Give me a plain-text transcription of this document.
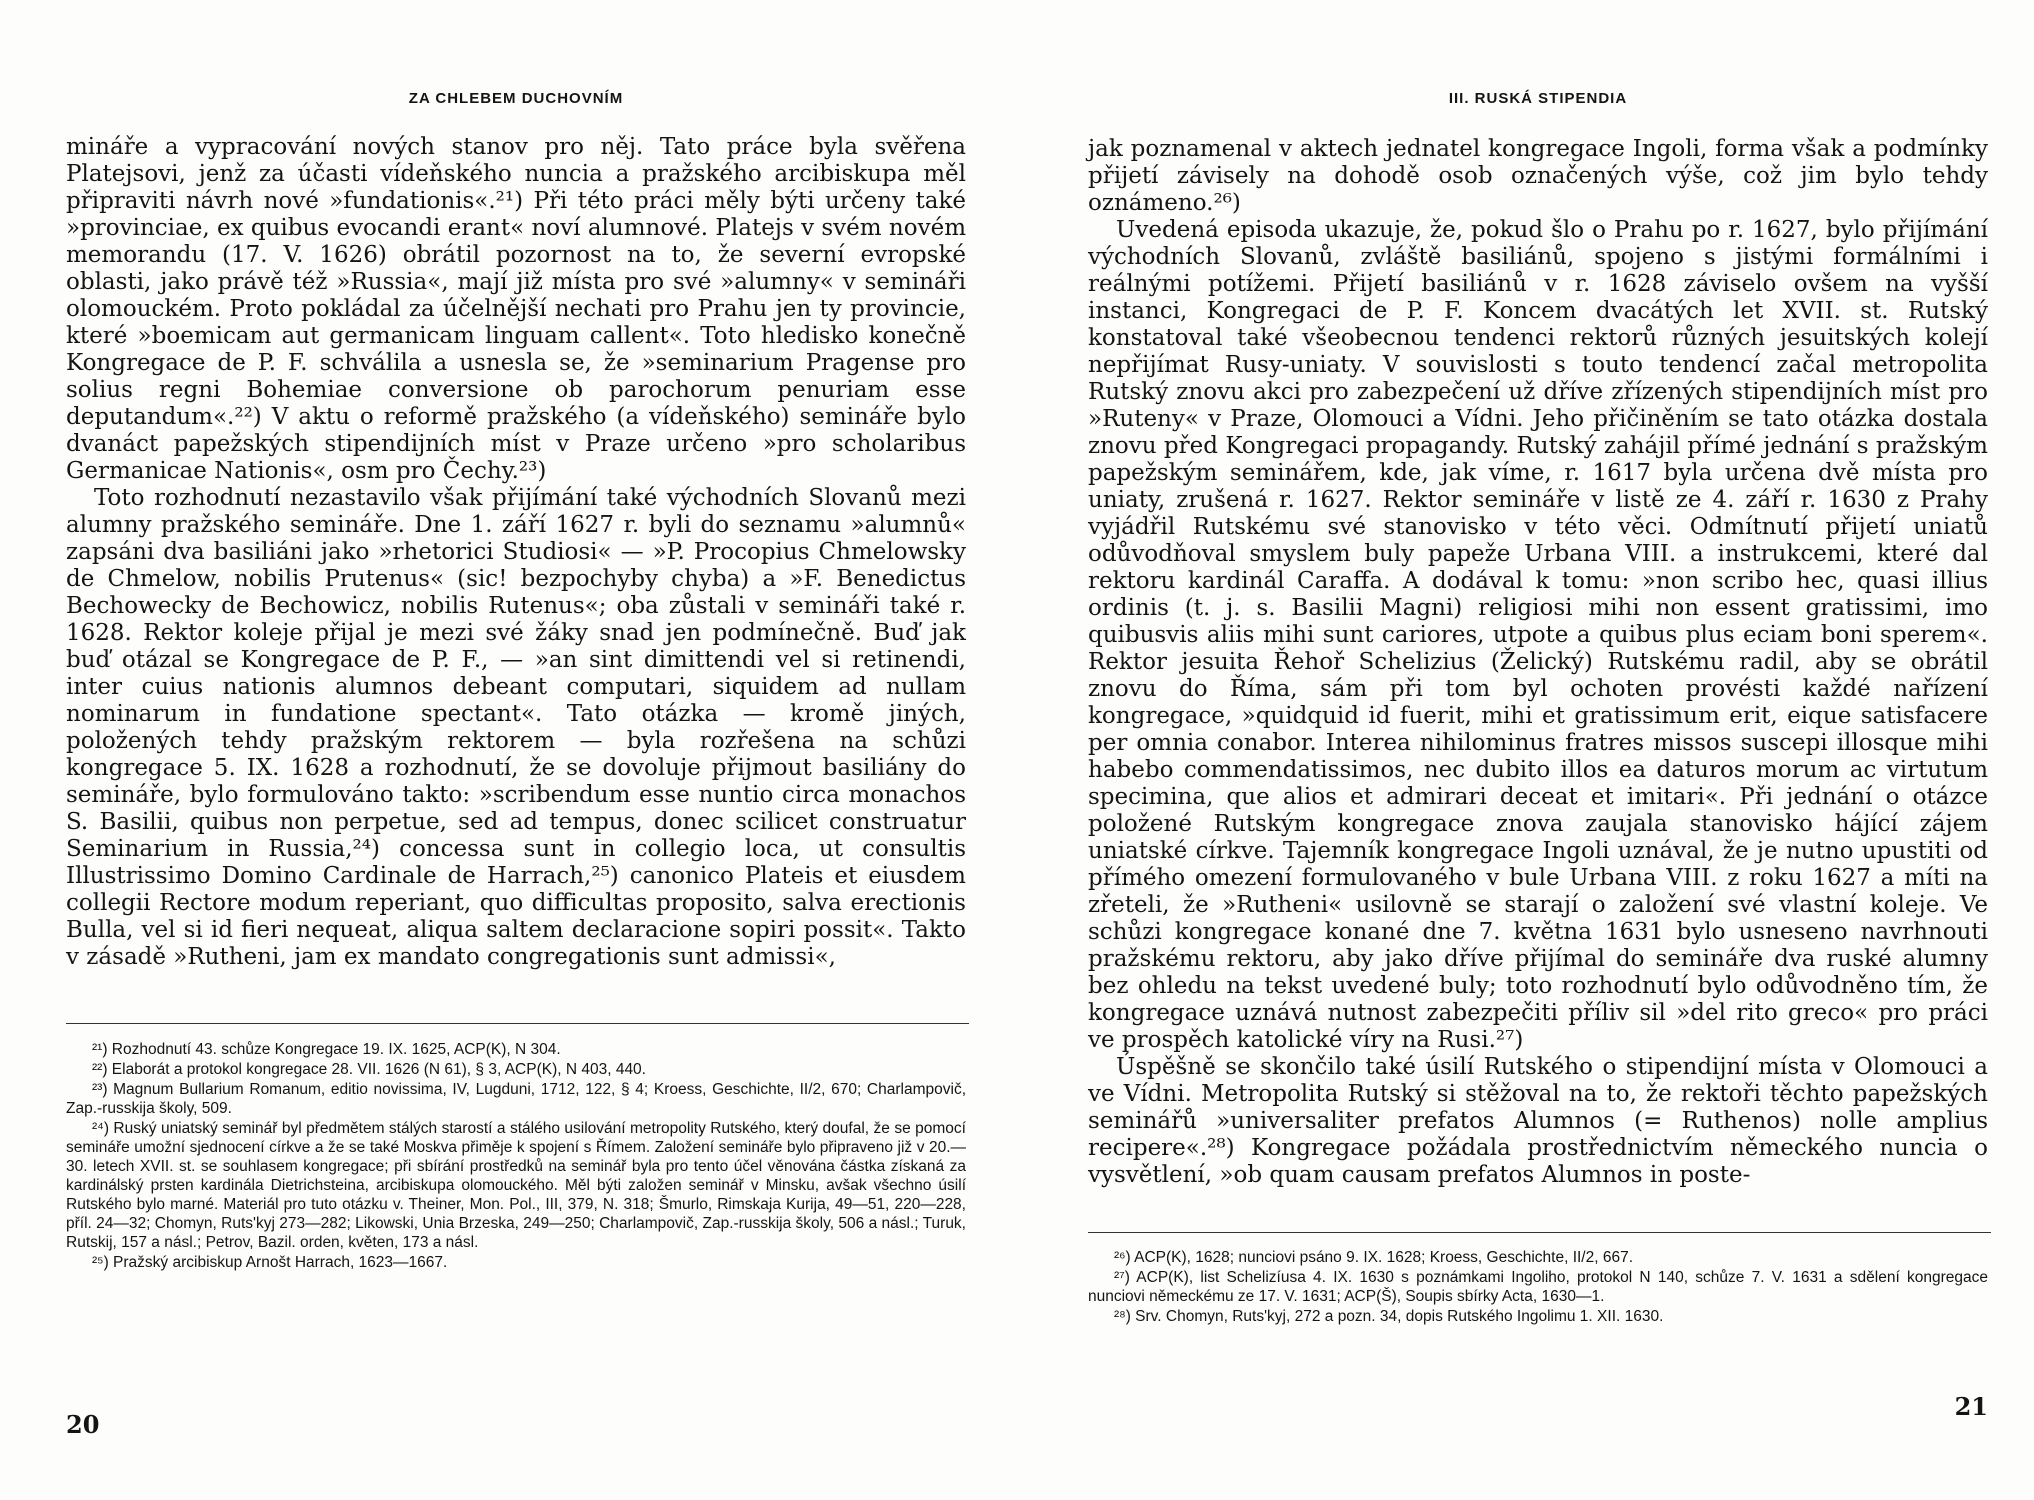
ZA CHLEBEM DUCHOVNÍM

mináře a vypracování nových stanov pro něj. Tato práce byla svěřena Platejsovi, jenž za účasti vídeňského nuncia a pražského arcibiskupa měl připraviti návrh nové »fundationis«.²¹) Při této práci měly býti určeny také »provinciae, ex quibus evocandi erant« noví alumnové. Platejs v svém novém memorandu (17. V. 1626) obrátil pozornost na to, že severní evropské oblasti, jako právě též »Russia«, mají již místa pro své »alumny« v semináři olomouckém. Proto pokládal za účelnější nechati pro Prahu jen ty provincie, které »boemicam aut germanicam linguam callent«. Toto hledisko konečně Kongregace de P. F. schválila a usnesla se, že »seminarium Pragense pro solius regni Bohemiae conversione ob parochorum penuriam esse deputandum«.²²) V aktu o reformě pražského (a vídeňského) semináře bylo dvanáct papežských stipendijních míst v Praze určeno »pro scholaribus Germanicae Nationis«, osm pro Čechy.²³)

Toto rozhodnutí nezastavilo však přijímání také východních Slovanů mezi alumny pražského semináře. Dne 1. září 1627 r. byli do seznamu »alumnů« zapsáni dva basiliáni jako »rhetorici Studiosi« — »P. Procopius Chmelowsky de Chmelow, nobilis Prutenus« (sic! bezpochyby chyba) a »F. Benedictus Bechowecky de Bechowicz, nobilis Rutenus«; oba zůstali v semináři také r. 1628. Rektor koleje přijal je mezi své žáky snad jen podmínečně. Buď jak buď otázal se Kongregace de P. F., — »an sint dimittendi vel si retinendi, inter cuius nationis alumnos debeant computari, siquidem ad nullam nominarum in fundatione spectant«. Tato otázka — kromě jiných, položených tehdy pražským rektorem — byla rozřešena na schůzi kongregace 5. IX. 1628 a rozhodnutí, že se dovoluje přijmout basiliány do semináře, bylo formulováno takto: »scribendum esse nuntio circa monachos S. Basilii, quibus non perpetue, sed ad tempus, donec scilicet construatur Seminarium in Russia,²⁴) concessa sunt in collegio loca, ut consultis Illustrissimo Domino Cardinale de Harrach,²⁵) canonico Plateis et eiusdem collegii Rectore modum reperiant, quo difficultas proposito, salva erectionis Bulla, vel si id fieri nequeat, aliqua saltem declaracione sopiri possit«. Takto v zásadě »Rutheni, jam ex mandato congregationis sunt admissi«,

²¹) Rozhodnutí 43. schůze Kongregace 19. IX. 1625, ACP(K), N 304.

²²) Elaborát a protokol kongregace 28. VII. 1626 (N 61), § 3, ACP(K), N 403, 440.

²³) Magnum Bullarium Romanum, editio novissima, IV, Lugduni, 1712, 122, § 4; Kroess, Geschichte, II/2, 670; Charlampovič, Zap.-russkija školy, 509.

²⁴) Ruský uniatský seminář byl předmětem stálých starostí a stálého usilování metropolity Rutského, který doufal, že se pomocí semináře umožní sjednocení církve a že se také Moskva přiměje k spojení s Římem. Založení semináře bylo připraveno již v 20.—30. letech XVII. st. se souhlasem kongregace; při sbírání prostředků na seminář byla pro tento účel věnována částka získaná za kardinálský prsten kardinála Dietrichsteina, arcibiskupa olomouckého. Měl býti založen seminář v Minsku, avšak všechno úsilí Rutského bylo marné. Materiál pro tuto otázku v. Theiner, Mon. Pol., III, 379, N. 318; Šmurlo, Rimskaja Kurija, 49—51, 220—228, příl. 24—32; Chomyn, Ruts'kyj 273—282; Likowski, Unia Brzeska, 249—250; Charlampovič, Zap.-russkija školy, 506 a násl.; Turuk, Rutskij, 157 a násl.; Petrov, Bazil. orden, květen, 173 a násl.

²⁵) Pražský arcibiskup Arnošt Harrach, 1623—1667.

20
III. RUSKÁ STIPENDIA

jak poznamenal v aktech jednatel kongregace Ingoli, forma však a podmínky přijetí závisely na dohodě osob označených výše, což jim bylo tehdy oznámeno.²⁶)

Uvedená episoda ukazuje, že, pokud šlo o Prahu po r. 1627, bylo přijímání východních Slovanů, zvláště basiliánů, spojeno s jistými formálními i reálnými potížemi. Přijetí basiliánů v r. 1628 záviselo ovšem na vyšší instanci, Kongregaci de P. F. Koncem dvacátých let XVII. st. Rutský konstatoval také všeobecnou tendenci rektorů různých jesuitských kolejí nepřijímat Rusy-uniaty. V souvislosti s touto tendencí začal metropolita Rutský znovu akci pro zabezpečení už dříve zřízených stipendijních míst pro »Ruteny« v Praze, Olomouci a Vídni. Jeho přičiněním se tato otázka dostala znovu před Kongregaci propagandy. Rutský zahájil přímé jednání s pražským papežským seminářem, kde, jak víme, r. 1617 byla určena dvě místa pro uniaty, zrušená r. 1627. Rektor semináře v listě ze 4. září r. 1630 z Prahy vyjádřil Rutskému své stanovisko v této věci. Odmítnutí přijetí uniatů odůvodňoval smyslem buly papeže Urbana VIII. a instrukcemi, které dal rektoru kardinál Caraffa. A dodával k tomu: »non scribo hec, quasi illius ordinis (t. j. s. Basilii Magni) religiosi mihi non essent gratissimi, imo quibusvis aliis mihi sunt cariores, utpote a quibus plus eciam boni sperem«. Rektor jesuita Řehoř Schelizius (Želický) Rutskému radil, aby se obrátil znovu do Říma, sám při tom byl ochoten provésti každé nařízení kongregace, »quidquid id fuerit, mihi et gratissimum erit, eique satisfacere per omnia conabor. Interea nihilominus fratres missos suscepi illosque mihi habebo commendatissimos, nec dubito illos ea daturos morum ac virtutum specimina, que alios et admirari deceat et imitari«. Při jednání o otázce položené Rutským kongregace znova zaujala stanovisko hájící zájem uniatské církve. Tajemník kongregace Ingoli uznával, že je nutno upustiti od přímého omezení formulovaného v bule Urbana VIII. z roku 1627 a míti na zřeteli, že »Rutheni« usilovně se starají o založení své vlastní koleje. Ve schůzi kongregace konané dne 7. května 1631 bylo usneseno navrhnouti pražskému rektoru, aby jako dříve přijímal do semináře dva ruské alumny bez ohledu na tekst uvedené buly; toto rozhodnutí bylo odůvodněno tím, že kongregace uznává nutnost zabezpečiti příliv sil »del rito greco« pro práci ve prospěch katolické víry na Rusi.²⁷)

Úspěšně se skončilo také úsilí Rutského o stipendijní místa v Olomouci a ve Vídni. Metropolita Rutský si stěžoval na to, že rektoři těchto papežských seminářů »universaliter prefatos Alumnos (= Ruthenos) nolle amplius recipere«.²⁸) Kongregace požádala prostřednictvím německého nuncia o vysvětlení, »ob quam causam prefatos Alumnos in poste-

²⁶) ACP(K), 1628; nunciovi psáno 9. IX. 1628; Kroess, Geschichte, II/2, 667.

²⁷) ACP(K), list Schelizíusa 4. IX. 1630 s poznámkami Ingoliho, protokol N 140, schůze 7. V. 1631 a sdělení kongregace nunciovi německému ze 17. V. 1631; ACP(Š), Soupis sbírky Acta, 1630—1.

²⁸) Srv. Chomyn, Ruts'kyj, 272 a pozn. 34, dopis Rutského Ingolimu 1. XII. 1630.

21
